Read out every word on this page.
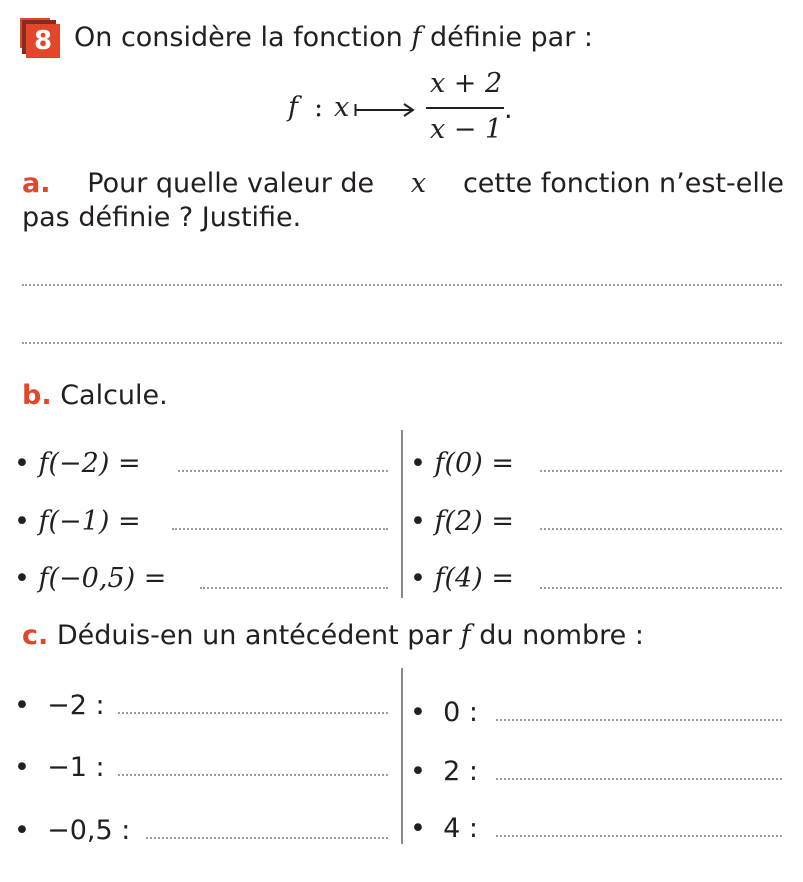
8 On considère la fonction f définie par :
f : x
x + 2
x − 1
.
a. Pour quelle valeur de x cette fonction n’est-elle
pas définie ? Justifie.
b. Calcule.
• f(−2) =
• f(−1) =
• f(−0,5) =
• f(0) =
• f(2) =
• f(4) =
c. Déduis-en un antécédent par f du nombre :
• −2 :
• −1 :
• −0,5 :
• 0 :
• 2 :
• 4 :
